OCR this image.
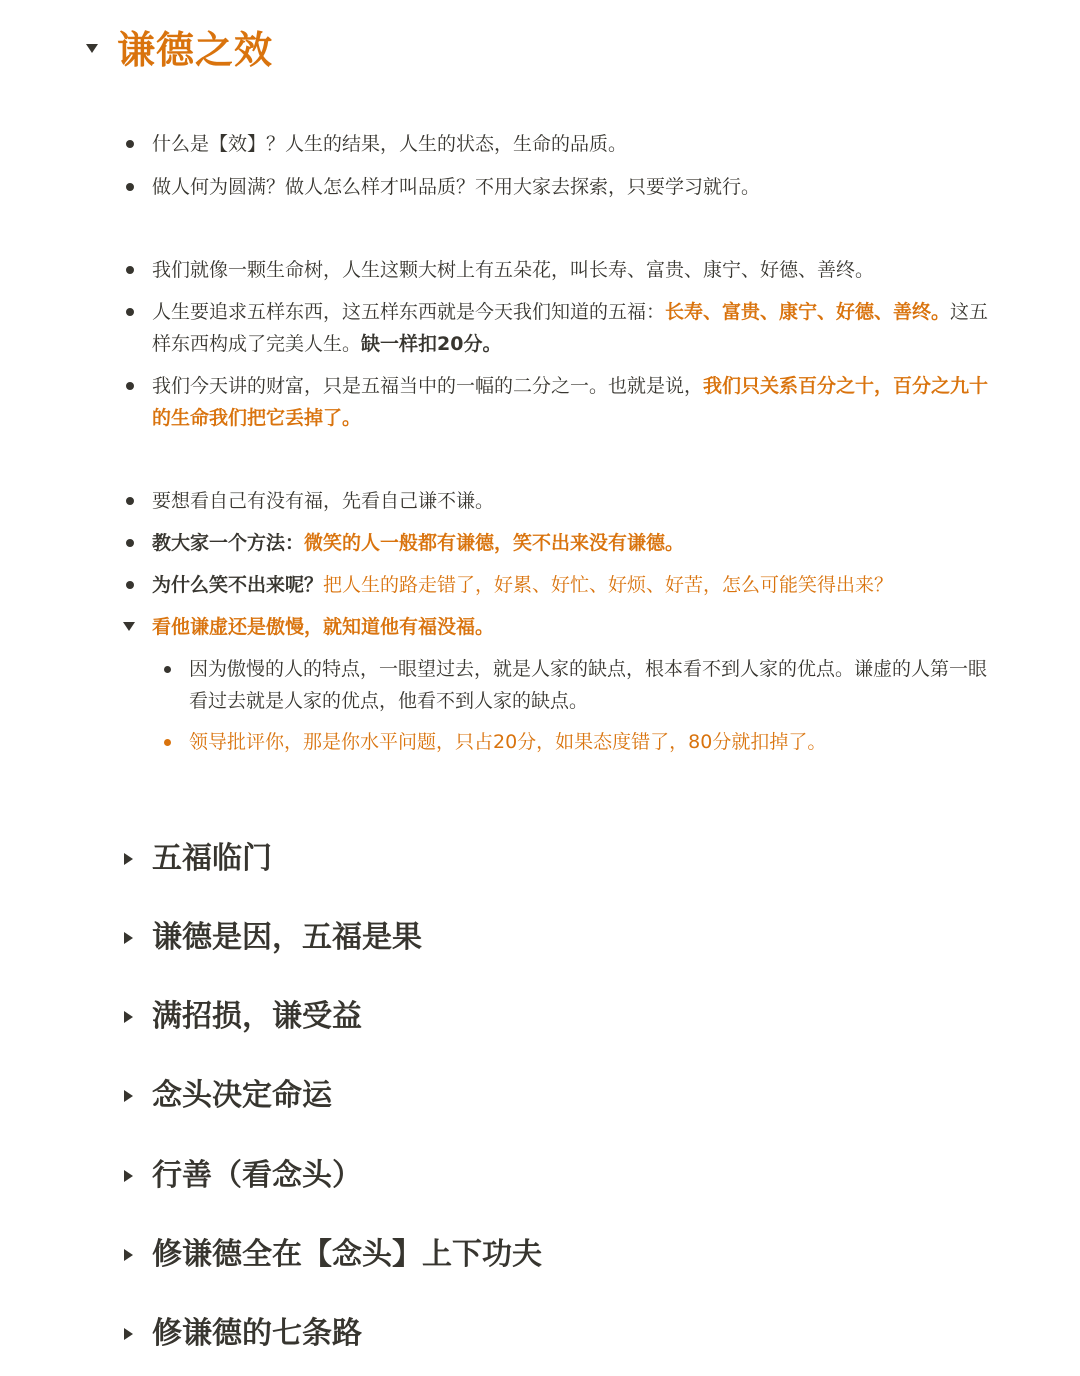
谦德之效
什么是【效】？人生的结果，人生的状态，生命的品质。
做人何为圆满？做人怎么样才叫品质？不用大家去探索，只要学习就行。
我们就像一颗生命树，人生这颗大树上有五朵花，叫长寿、富贵、康宁、好德、善终。
人生要追求五样东西，这五样东西就是今天我们知道的五福：长寿、富贵、康宁、好德、善终。这五样东西构成了完美人生。缺一样扣20分。
我们今天讲的财富，只是五福当中的一幅的二分之一。也就是说，我们只关系百分之十，百分之九十的生命我们把它丢掉了。
要想看自己有没有福，先看自己谦不谦。
教大家一个方法：微笑的人一般都有谦德，笑不出来没有谦德。
为什么笑不出来呢？把人生的路走错了，好累、好忙、好烦、好苦，怎么可能笑得出来？
看他谦虚还是傲慢，就知道他有福没福。
因为傲慢的人的特点，一眼望过去，就是人家的缺点，根本看不到人家的优点。谦虚的人第一眼看过去就是人家的优点，他看不到人家的缺点。
领导批评你，那是你水平问题，只占20分，如果态度错了，80分就扣掉了。
五福临门
谦德是因，五福是果
满招损，谦受益
念头决定命运
行善（看念头）
修谦德全在【念头】上下功夫
修谦德的七条路
